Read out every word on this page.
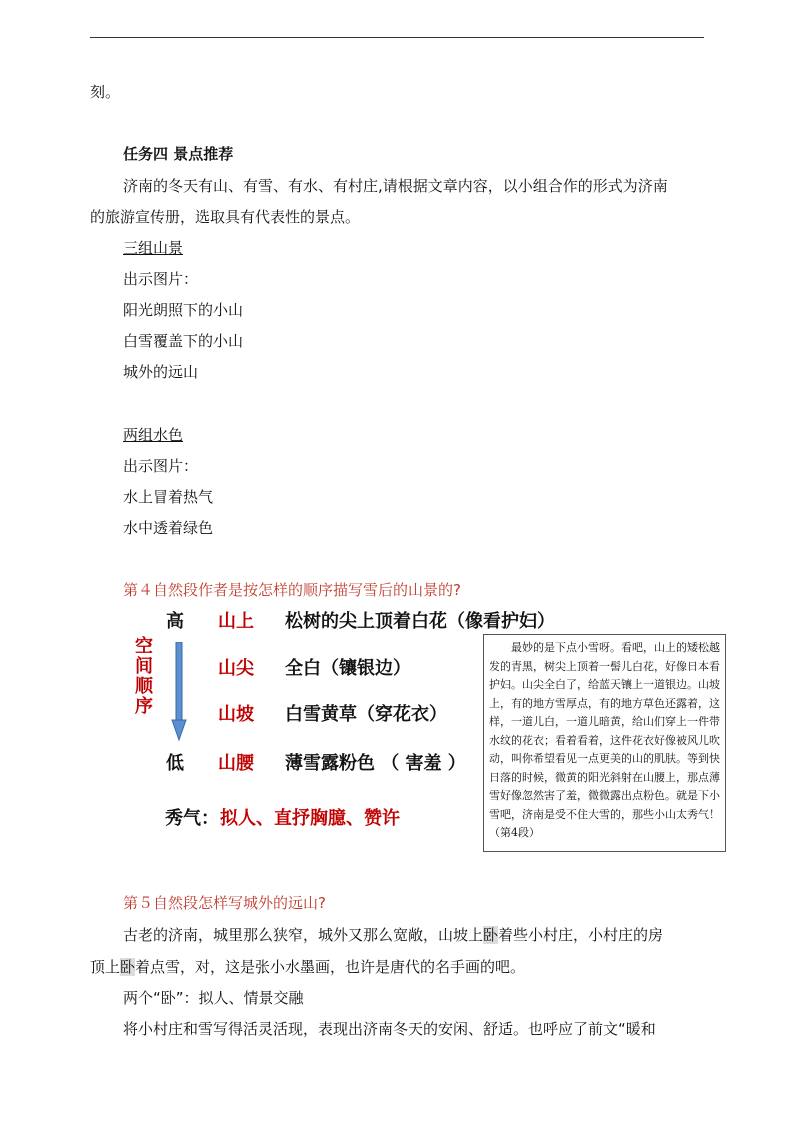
刻。
任务四 景点推荐
济南的冬天有山、有雪、有水、有村庄,请根据文章内容，以小组合作的形式为济南
的旅游宣传册，选取具有代表性的景点。
三组山景
出示图片：
阳光朗照下的小山
白雪覆盖下的小山
城外的远山
两组水色
出示图片：
水上冒着热气
水中透着绿色
第４自然段作者是按怎样的顺序描写雪后的山景的?
高
低
空
间
顺
序
山上 松树的尖上顶着白花（像看护妇）
山尖 全白（镶银边）
山坡 白雪黄草（穿花衣）
山腰 薄雪露粉色 （ 害羞 ）
秀气： 拟人、直抒胸臆、赞许
最妙的是下点小雪呀。看吧，山上的矮松越发的青黑，树尖上顶着一髻儿白花，好像日本看护妇。山尖全白了，给蓝天镶上一道银边。山坡上，有的地方雪厚点，有的地方草色还露着，这样，一道儿白，一道儿暗黄，给山们穿上一件带水纹的花衣；看着看着，这件花衣好像被风儿吹动，叫你希望看见一点更美的山的肌肤。等到快日落的时候，微黄的阳光斜射在山腰上，那点薄雪好像忽然害了羞，微微露出点粉色。就是下小雪吧，济南是受不住大雪的，那些小山太秀气！ （第4段）
第５自然段怎样写城外的远山?
古老的济南，城里那么狭窄，城外又那么宽敞，山坡上卧着些小村庄，小村庄的房
顶上卧着点雪，对，这是张小水墨画，也许是唐代的名手画的吧。
两个“卧”：拟人、情景交融
将小村庄和雪写得活灵活现，表现出济南冬天的安闲、舒适。也呼应了前文“暖和
